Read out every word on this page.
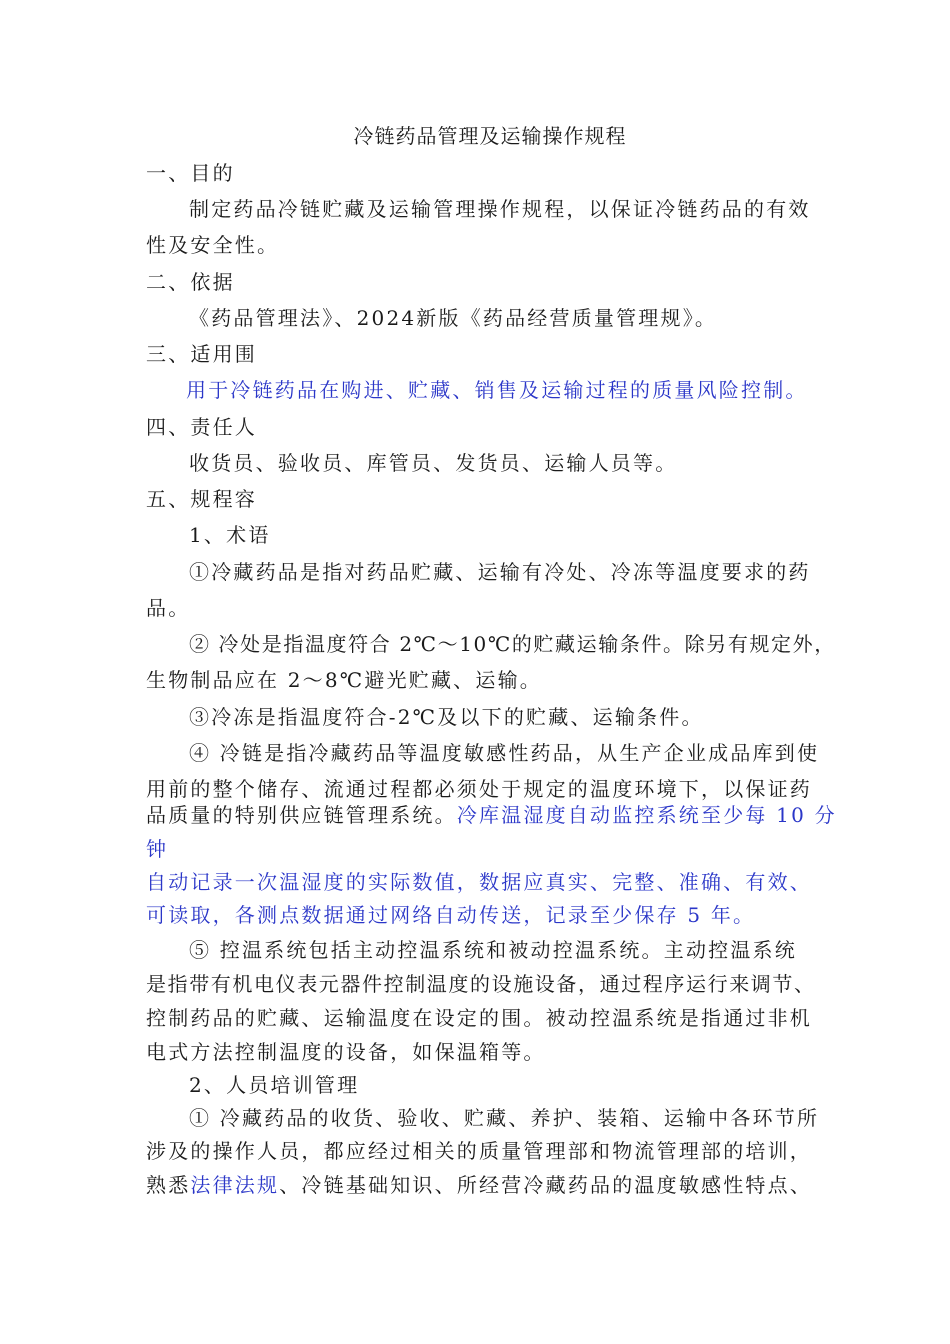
冷链药品管理及运输操作规程
一、目的
制定药品冷链贮藏及运输管理操作规程，以保证冷链药品的有效
性及安全性。
二、依据
《药品管理法》、2024新版《药品经营质量管理规》。
三、适用围
用于冷链药品在购进、贮藏、销售及运输过程的质量风险控制。
四、责任人
收货员、验收员、库管员、发货员、运输人员等。
五、规程容
1、术语
①冷藏药品是指对药品贮藏、运输有冷处、冷冻等温度要求的药
品。
② 冷处是指温度符合 2℃～10℃的贮藏运输条件。除另有规定外，
生物制品应在 2～8℃避光贮藏、运输。
③冷冻是指温度符合-2℃及以下的贮藏、运输条件。
④ 冷链是指冷藏药品等温度敏感性药品，从生产企业成品库到使
用前的整个储存、流通过程都必须处于规定的温度环境下，以保证药
品质量的特别供应链管理系统。冷库温湿度自动监控系统至少每 10 分
钟
自动记录一次温湿度的实际数值，数据应真实、完整、准确、有效、
可读取，各测点数据通过网络自动传送，记录至少保存 5 年。
⑤ 控温系统包括主动控温系统和被动控温系统。主动控温系统
是指带有机电仪表元器件控制温度的设施设备，通过程序运行来调节、
控制药品的贮藏、运输温度在设定的围。被动控温系统是指通过非机
电式方法控制温度的设备，如保温箱等。
2、人员培训管理
① 冷藏药品的收货、验收、贮藏、养护、装箱、运输中各环节所
涉及的操作人员，都应经过相关的质量管理部和物流管理部的培训，
熟悉法律法规、冷链基础知识、所经营冷藏药品的温度敏感性特点、
